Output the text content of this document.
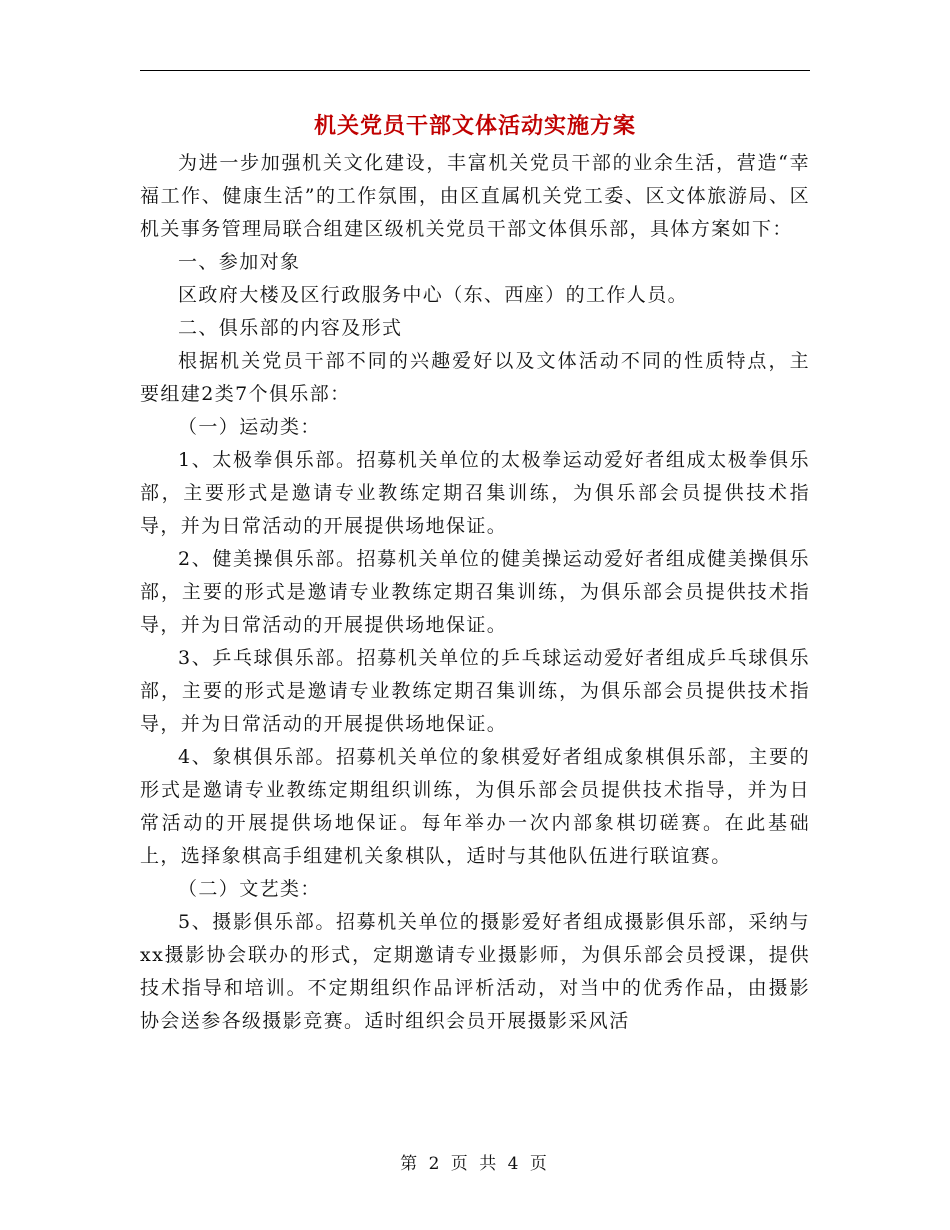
机关党员干部文体活动实施方案

为进一步加强机关文化建设，丰富机关党员干部的业余生活，营造“幸福工作、健康生活”的工作氛围，由区直属机关党工委、区文体旅游局、区机关事务管理局联合组建区级机关党员干部文体俱乐部，具体方案如下：

一、参加对象

区政府大楼及区行政服务中心（东、西座）的工作人员。

二、俱乐部的内容及形式

根据机关党员干部不同的兴趣爱好以及文体活动不同的性质特点，主要组建2类7个俱乐部：

（一）运动类：

1、太极拳俱乐部。招募机关单位的太极拳运动爱好者组成太极拳俱乐部，主要形式是邀请专业教练定期召集训练，为俱乐部会员提供技术指导，并为日常活动的开展提供场地保证。

2、健美操俱乐部。招募机关单位的健美操运动爱好者组成健美操俱乐部，主要的形式是邀请专业教练定期召集训练，为俱乐部会员提供技术指导，并为日常活动的开展提供场地保证。

3、乒乓球俱乐部。招募机关单位的乒乓球运动爱好者组成乒乓球俱乐部，主要的形式是邀请专业教练定期召集训练，为俱乐部会员提供技术指导，并为日常活动的开展提供场地保证。

4、象棋俱乐部。招募机关单位的象棋爱好者组成象棋俱乐部，主要的形式是邀请专业教练定期组织训练，为俱乐部会员提供技术指导，并为日常活动的开展提供场地保证。每年举办一次内部象棋切磋赛。在此基础上，选择象棋高手组建机关象棋队，适时与其他队伍进行联谊赛。

（二）文艺类：

5、摄影俱乐部。招募机关单位的摄影爱好者组成摄影俱乐部，采纳与xx摄影协会联办的形式，定期邀请专业摄影师，为俱乐部会员授课，提供技术指导和培训。不定期组织作品评析活动，对当中的优秀作品，由摄影协会送参各级摄影竞赛。适时组织会员开展摄影采风活

第 2 页 共 4 页
